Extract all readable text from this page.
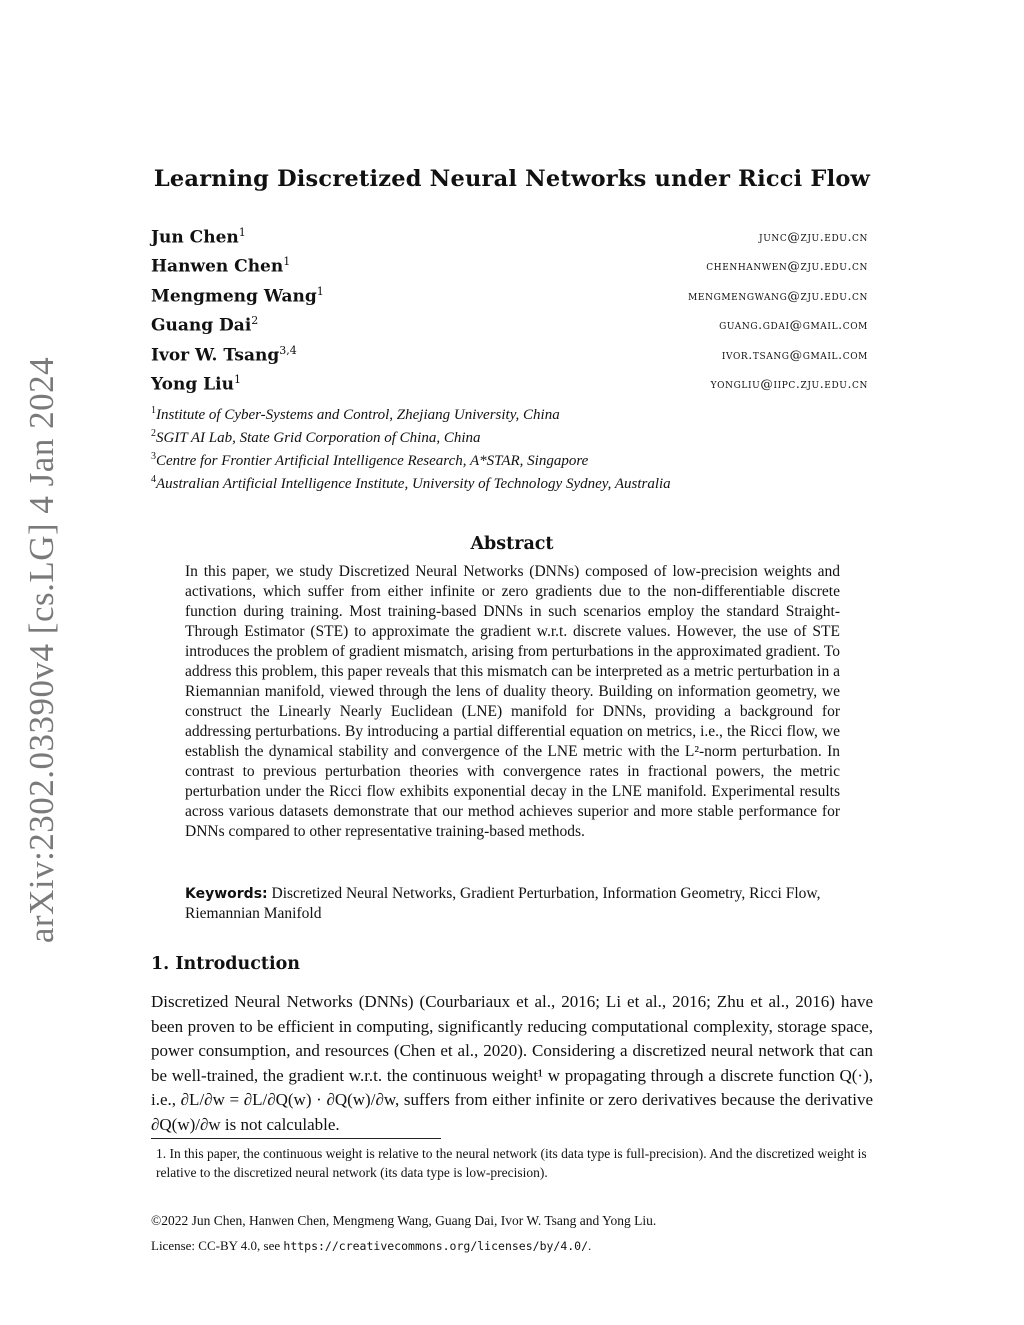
arXiv:2302.03390v4 [cs.LG] 4 Jan 2024
Learning Discretized Neural Networks under Ricci Flow
Jun Chen$^1$	junc@zju.edu.cn
Hanwen Chen$^1$	chenhanwen@zju.edu.cn
Mengmeng Wang$^1$	mengmengwang@zju.edu.cn
Guang Dai$^2$	guang.gdai@gmail.com
Ivor W. Tsang$^{3,4}$	ivor.tsang@gmail.com
Yong Liu$^1$	yongliu@iipc.zju.edu.cn
$^1$Institute of Cyber-Systems and Control, Zhejiang University, China
$^2$SGIT AI Lab, State Grid Corporation of China, China
$^3$Centre for Frontier Artificial Intelligence Research, A*STAR, Singapore
$^4$Australian Artificial Intelligence Institute, University of Technology Sydney, Australia
Abstract
In this paper, we study Discretized Neural Networks (DNNs) composed of low-precision weights and activations, which suffer from either infinite or zero gradients due to the non-differentiable discrete function during training. Most training-based DNNs in such scenarios employ the standard Straight-Through Estimator (STE) to approximate the gradient w.r.t. discrete values. However, the use of STE introduces the problem of gradient mismatch, arising from perturbations in the approximated gradient. To address this problem, this paper reveals that this mismatch can be interpreted as a metric perturbation in a Riemannian manifold, viewed through the lens of duality theory. Building on information geometry, we construct the Linearly Nearly Euclidean (LNE) manifold for DNNs, providing a background for addressing perturbations. By introducing a partial differential equation on metrics, i.e., the Ricci flow, we establish the dynamical stability and convergence of the LNE metric with the L²-norm perturbation. In contrast to previous perturbation theories with convergence rates in fractional powers, the metric perturbation under the Ricci flow exhibits exponential decay in the LNE manifold. Experimental results across various datasets demonstrate that our method achieves superior and more stable performance for DNNs compared to other representative training-based methods.
Keywords: Discretized Neural Networks, Gradient Perturbation, Information Geometry, Ricci Flow, Riemannian Manifold
1. Introduction
Discretized Neural Networks (DNNs) (Courbariaux et al., 2016; Li et al., 2016; Zhu et al., 2016) have been proven to be efficient in computing, significantly reducing computational complexity, storage space, power consumption, and resources (Chen et al., 2020). Considering a discretized neural network that can be well-trained, the gradient w.r.t. the continuous weight¹ w propagating through a discrete function Q(·), i.e., ∂L/∂w = ∂L/∂Q(w) · ∂Q(w)/∂w, suffers from either infinite or zero derivatives because the derivative ∂Q(w)/∂w is not calculable.
1. In this paper, the continuous weight is relative to the neural network (its data type is full-precision). And the discretized weight is relative to the discretized neural network (its data type is low-precision).
©2022 Jun Chen, Hanwen Chen, Mengmeng Wang, Guang Dai, Ivor W. Tsang and Yong Liu.
License: CC-BY 4.0, see https://creativecommons.org/licenses/by/4.0/.
